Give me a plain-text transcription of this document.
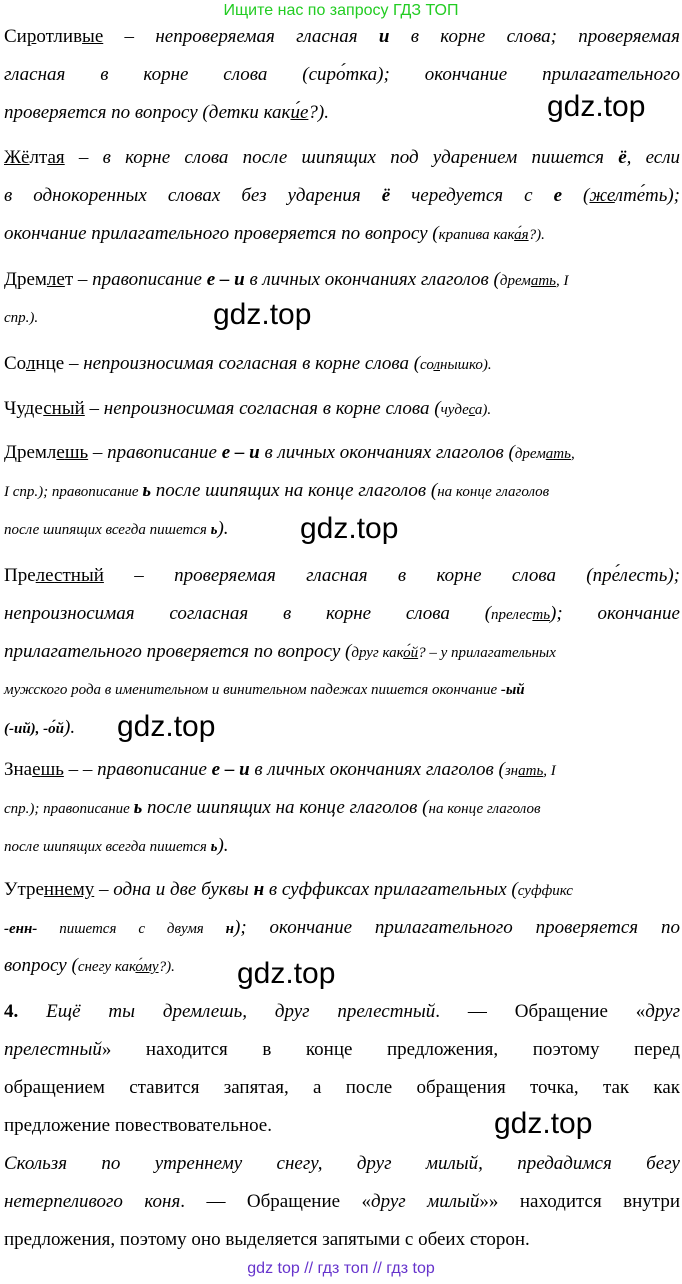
Ищите нас по запросу ГДЗ ТОП
Сиротливые – непроверяемая гласная и в корне слова; проверяемая
гласная в корне слова (сиро́тка); окончание прилагательного
проверяется по вопросу (детки каки́е?).	gdz.top
Жёлтая – в корне слова после шипящих под ударением пишется ё, если
в однокоренных словах без ударения ё чередуется с е (желте́ть);
окончание прилагательного проверяется по вопросу (крапива кака́я?).
Дремлет – правописание е – и в личных окончаниях глаголов (дремать, I
спр.).	gdz.top
Солнце – непроизносимая согласная в корне слова (солнышко).
Чудесный – непроизносимая согласная в корне слова (чудеса).
Дремлешь – правописание е – и в личных окончаниях глаголов (дремать,
I спр.); правописание ь после шипящих на конце глаголов (на конце глаголов
после шипящих всегда пишется ь).	gdz.top
Прелестный – проверяемая гласная в корне слова (пре́лесть);
непроизносимая согласная в корне слова (прелесть); окончание
прилагательного проверяется по вопросу (друг како́й? – у прилагательных
мужского рода в именительном и винительном падежах пишется окончание -ый
(-ий), -о́й).	gdz.top
Знаешь – – правописание е – и в личных окончаниях глаголов (знать, I
спр.); правописание ь после шипящих на конце глаголов (на конце глаголов
после шипящих всегда пишется ь).
Утреннему – одна и две буквы н в суффиксах прилагательных (суффикс
-енн- пишется с двумя н); окончание прилагательного проверяется по
вопросу (снегу како́му?).	gdz.top
4. Ещё ты дремлешь, друг прелестный. — Обращение «друг
прелестный» находится в конце предложения, поэтому перед
обращением ставится запятая, а после обращения точка, так как
предложение повествовательное.
Скользя по утреннему снегу, друг милый, предадимся бегу
нетерпеливого коня. — Обращение «друг милый»» находится внутри
предложения, поэтому оно выделяется запятыми с обеих сторон.
gdz.top
gdz top // гдз топ // гдз top
